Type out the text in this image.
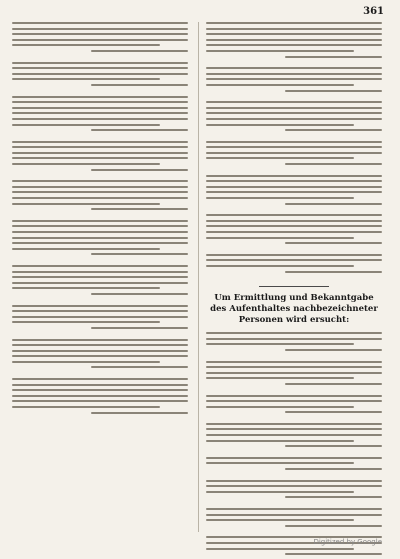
361
Um Ermittlung und Bekanntgabe des Aufenthaltes nachbezeichneter Personen wird ersucht:
Digitized by Google
